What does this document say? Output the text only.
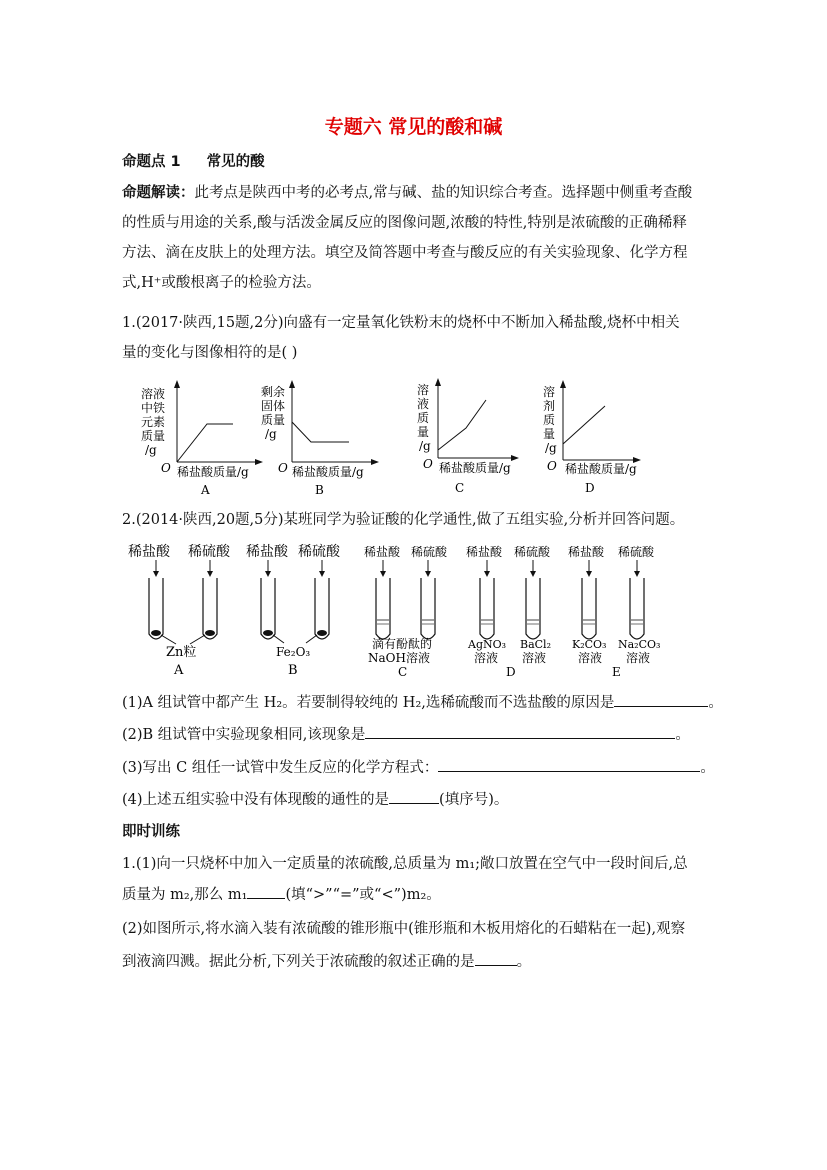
专题六 常见的酸和碱
命题点 1 常见的酸
命题解读：此考点是陕西中考的必考点,常与碱、盐的知识综合考查。选择题中侧重考查酸
的性质与用途的关系,酸与活泼金属反应的图像问题,浓酸的特性,特别是浓硫酸的正确稀释
方法、滴在皮肤上的处理方法。填空及简答题中考查与酸反应的有关实验现象、化学方程
式,H⁺或酸根离子的检验方法。
1.(2017·陕西,15题,2分)向盛有一定量氧化铁粉末的烧杯中不断加入稀盐酸,烧杯中相关
量的变化与图像相符的是( )
溶液
中铁
元素
质量
/g
O 稀盐酸质量/g
A
剩余
固体
质量
/g
O 稀盐酸质量/g
B
溶
液
质
量
/g
O 稀盐酸质量/g
C
溶
剂
质
量
/g
O 稀盐酸质量/g
D
2.(2014·陕西,20题,5分)某班同学为验证酸的化学通性,做了五组实验,分析并回答问题。
稀盐酸 稀硫酸
Zn粒
A
稀盐酸 稀硫酸
Fe₂O₃
B
稀盐酸 稀硫酸
滴有酚酞的
NaOH溶液
C
稀盐酸 稀硫酸
AgNO₃ BaCl₂
溶液 溶液
D
稀盐酸 稀硫酸
K₂CO₃ Na₂CO₃
溶液 溶液
E
(1)A 组试管中都产生 H₂。若要制得较纯的 H₂,选稀硫酸而不选盐酸的原因是	。
(2)B 组试管中实验现象相同,该现象是	。
(3)写出 C 组任一试管中发生反应的化学方程式：	。
(4)上述五组实验中没有体现酸的通性的是	(填序号)。
即时训练
1.(1)向一只烧杯中加入一定质量的浓硫酸,总质量为 m₁;敞口放置在空气中一段时间后,总
质量为 m₂,那么 m₁	(填“>”“=”或“<”)m₂。
(2)如图所示,将水滴入装有浓硫酸的锥形瓶中(锥形瓶和木板用熔化的石蜡粘在一起),观察
到液滴四溅。据此分析,下列关于浓硫酸的叙述正确的是	。
